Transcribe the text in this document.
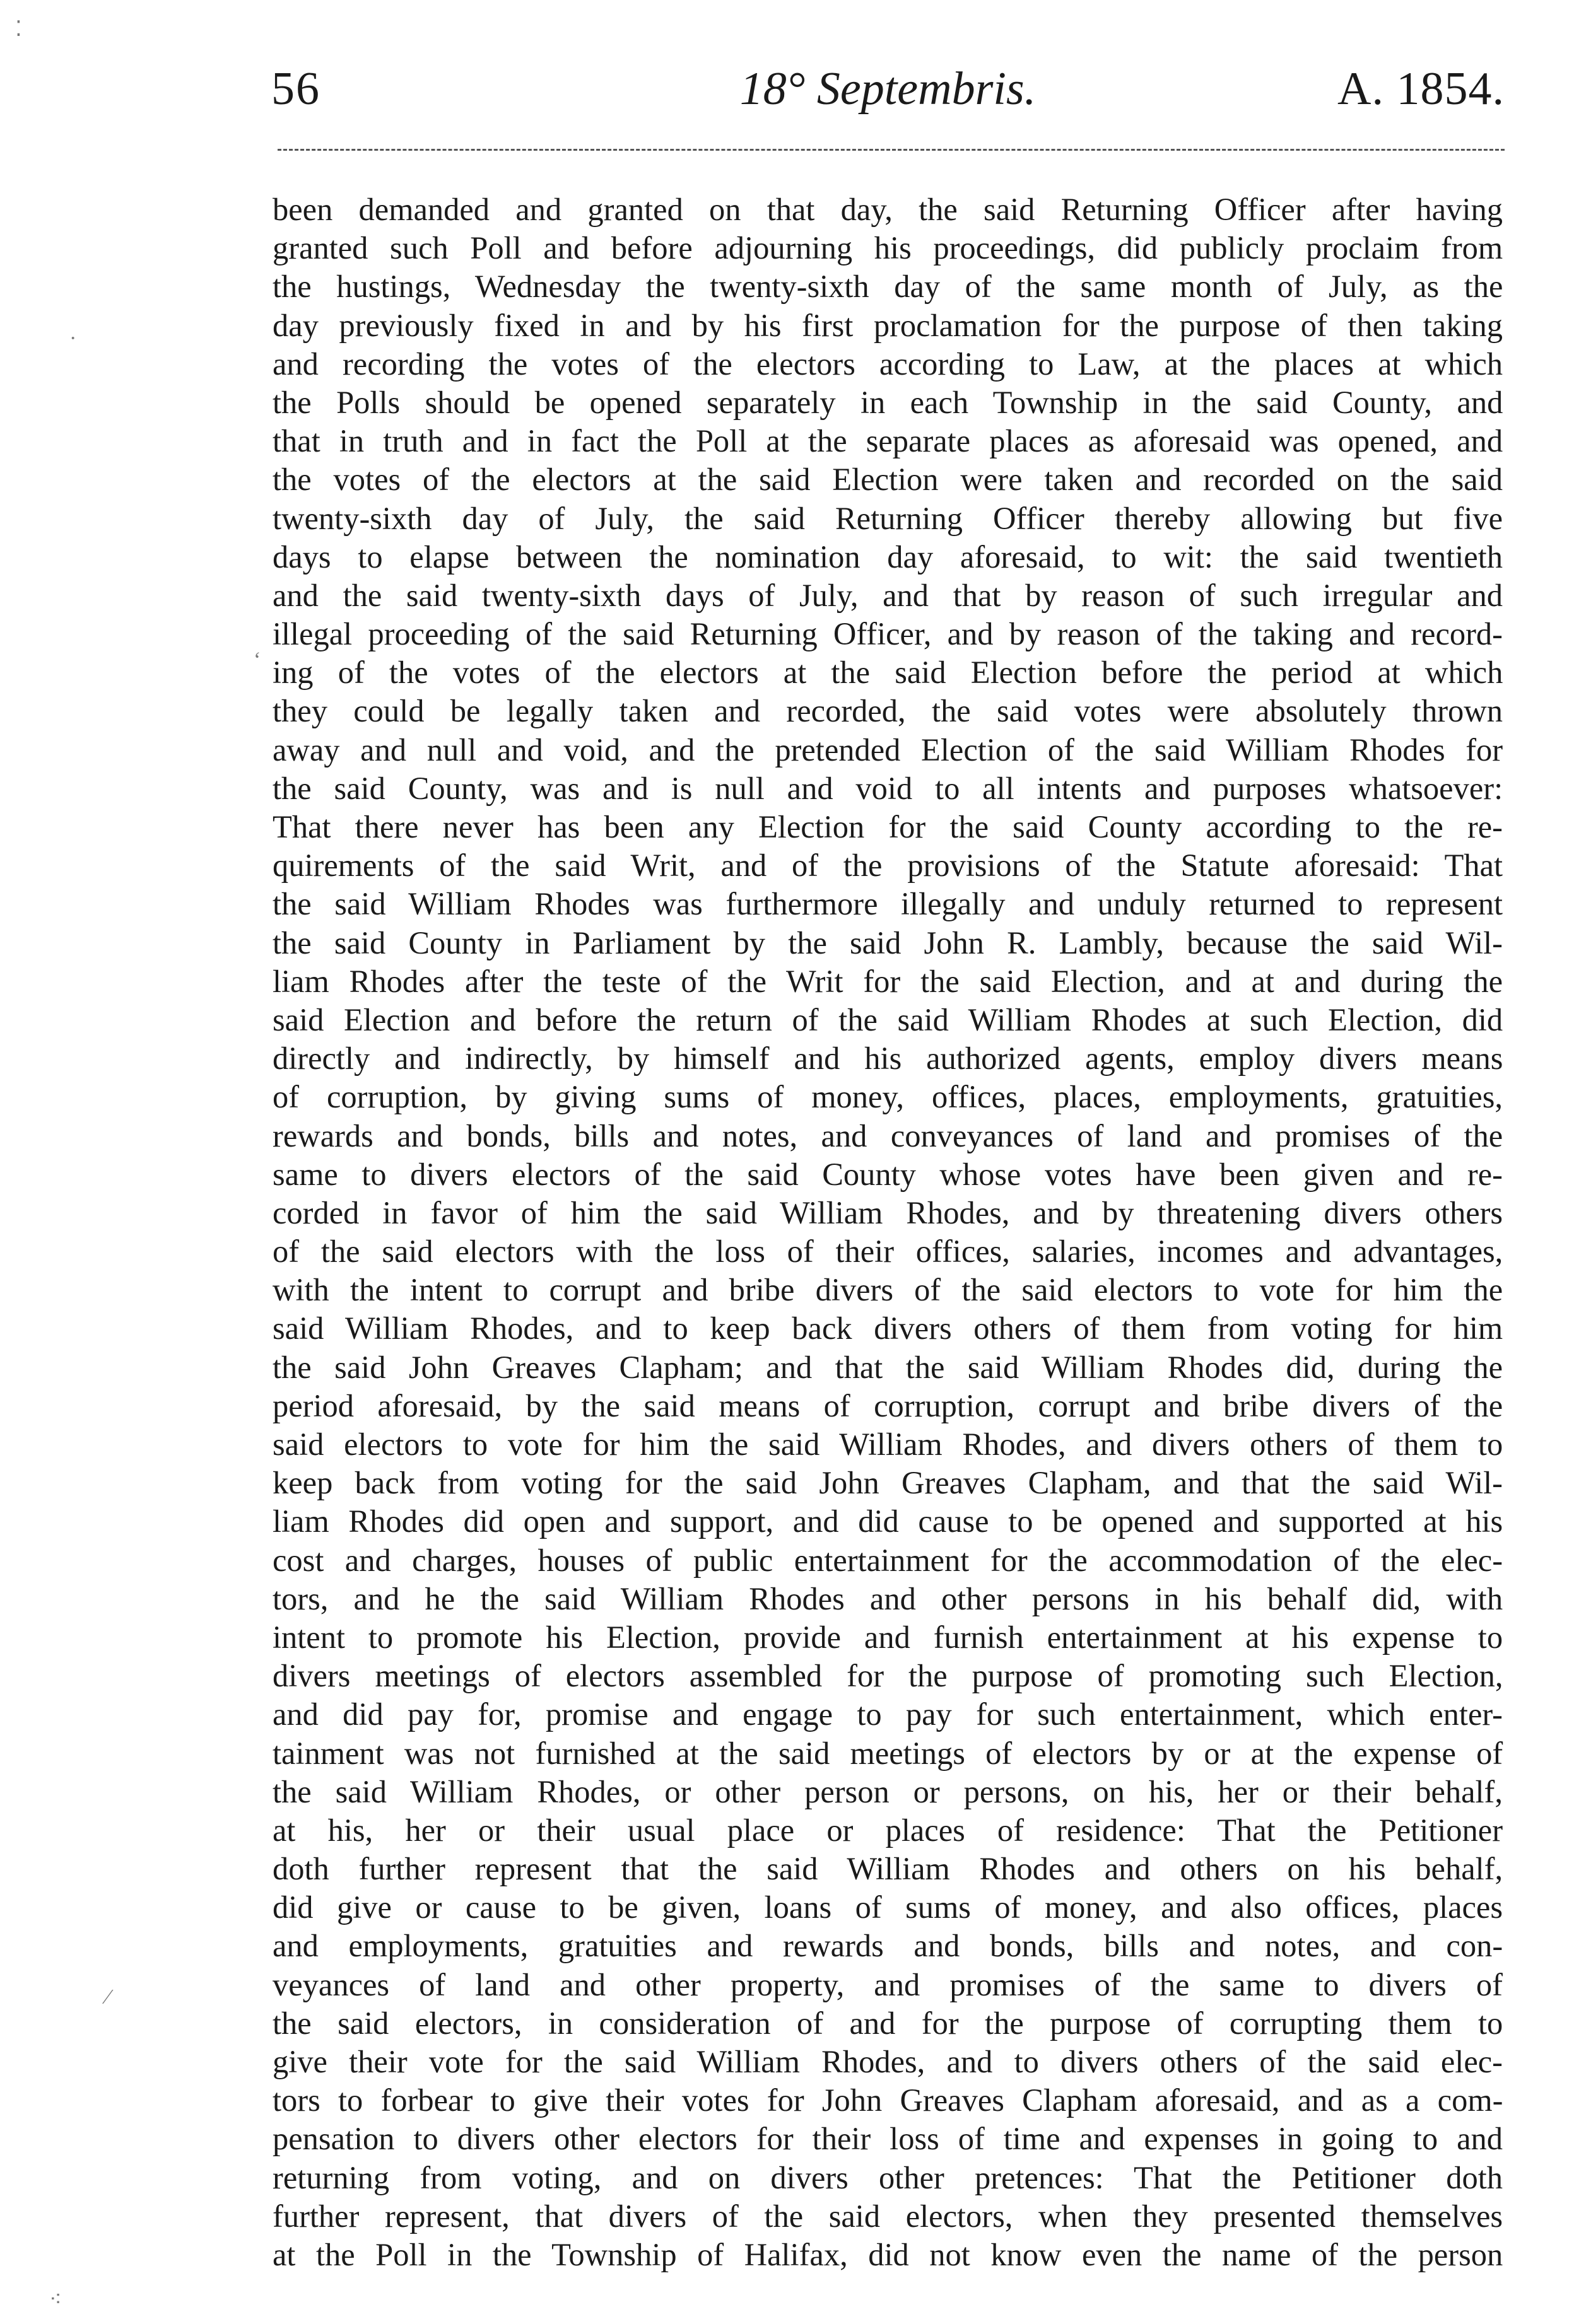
56	18° Septembris.	A. 1854.
been demanded and granted on that day, the said Returning Officer after having
granted such Poll and before adjourning his proceedings, did publicly proclaim from
the hustings, Wednesday the twenty-sixth day of the same month of July, as the
day previously fixed in and by his first proclamation for the purpose of then taking
and recording the votes of the electors according to Law, at the places at which
the Polls should be opened separately in each Township in the said County, and
that in truth and in fact the Poll at the separate places as aforesaid was opened, and
the votes of the electors at the said Election were taken and recorded on the said
twenty-sixth day of July, the said Returning Officer thereby allowing but five
days to elapse between the nomination day aforesaid, to wit: the said twentieth
and the said twenty-sixth days of July, and that by reason of such irregular and
illegal proceeding of the said Returning Officer, and by reason of the taking and record-
ing of the votes of the electors at the said Election before the period at which
they could be legally taken and recorded, the said votes were absolutely thrown
away and null and void, and the pretended Election of the said William Rhodes for
the said County, was and is null and void to all intents and purposes whatsoever:
That there never has been any Election for the said County according to the re-
quirements of the said Writ, and of the provisions of the Statute aforesaid: That
the said William Rhodes was furthermore illegally and unduly returned to represent
the said County in Parliament by the said John R. Lambly, because the said Wil-
liam Rhodes after the teste of the Writ for the said Election, and at and during the
said Election and before the return of the said William Rhodes at such Election, did
directly and indirectly, by himself and his authorized agents, employ divers means
of corruption, by giving sums of money, offices, places, employments, gratuities,
rewards and bonds, bills and notes, and conveyances of land and promises of the
same to divers electors of the said County whose votes have been given and re-
corded in favor of him the said William Rhodes, and by threatening divers others
of the said electors with the loss of their offices, salaries, incomes and advantages,
with the intent to corrupt and bribe divers of the said electors to vote for him the
said William Rhodes, and to keep back divers others of them from voting for him
the said John Greaves Clapham; and that the said William Rhodes did, during the
period aforesaid, by the said means of corruption, corrupt and bribe divers of the
said electors to vote for him the said William Rhodes, and divers others of them to
keep back from voting for the said John Greaves Clapham, and that the said Wil-
liam Rhodes did open and support, and did cause to be opened and supported at his
cost and charges, houses of public entertainment for the accommodation of the elec-
tors, and he the said William Rhodes and other persons in his behalf did, with
intent to promote his Election, provide and furnish entertainment at his expense to
divers meetings of electors assembled for the purpose of promoting such Election,
and did pay for, promise and engage to pay for such entertainment, which enter-
tainment was not furnished at the said meetings of electors by or at the expense of
the said William Rhodes, or other person or persons, on his, her or their behalf,
at his, her or their usual place or places of residence: That the Petitioner
doth further represent that the said William Rhodes and others on his behalf,
did give or cause to be given, loans of sums of money, and also offices, places
and employments, gratuities and rewards and bonds, bills and notes, and con-
veyances of land and other property, and promises of the same to divers of
the said electors, in consideration of and for the purpose of corrupting them to
give their vote for the said William Rhodes, and to divers others of the said elec-
tors to forbear to give their votes for John Greaves Clapham aforesaid, and as a com-
pensation to divers other electors for their loss of time and expenses in going to and
returning from voting, and on divers other pretences: That the Petitioner doth
further represent, that divers of the said electors, when they presented themselves
at the Poll in the Township of Halifax, did not know even the name of the person
⁚
·
‘
⁄
⁖
